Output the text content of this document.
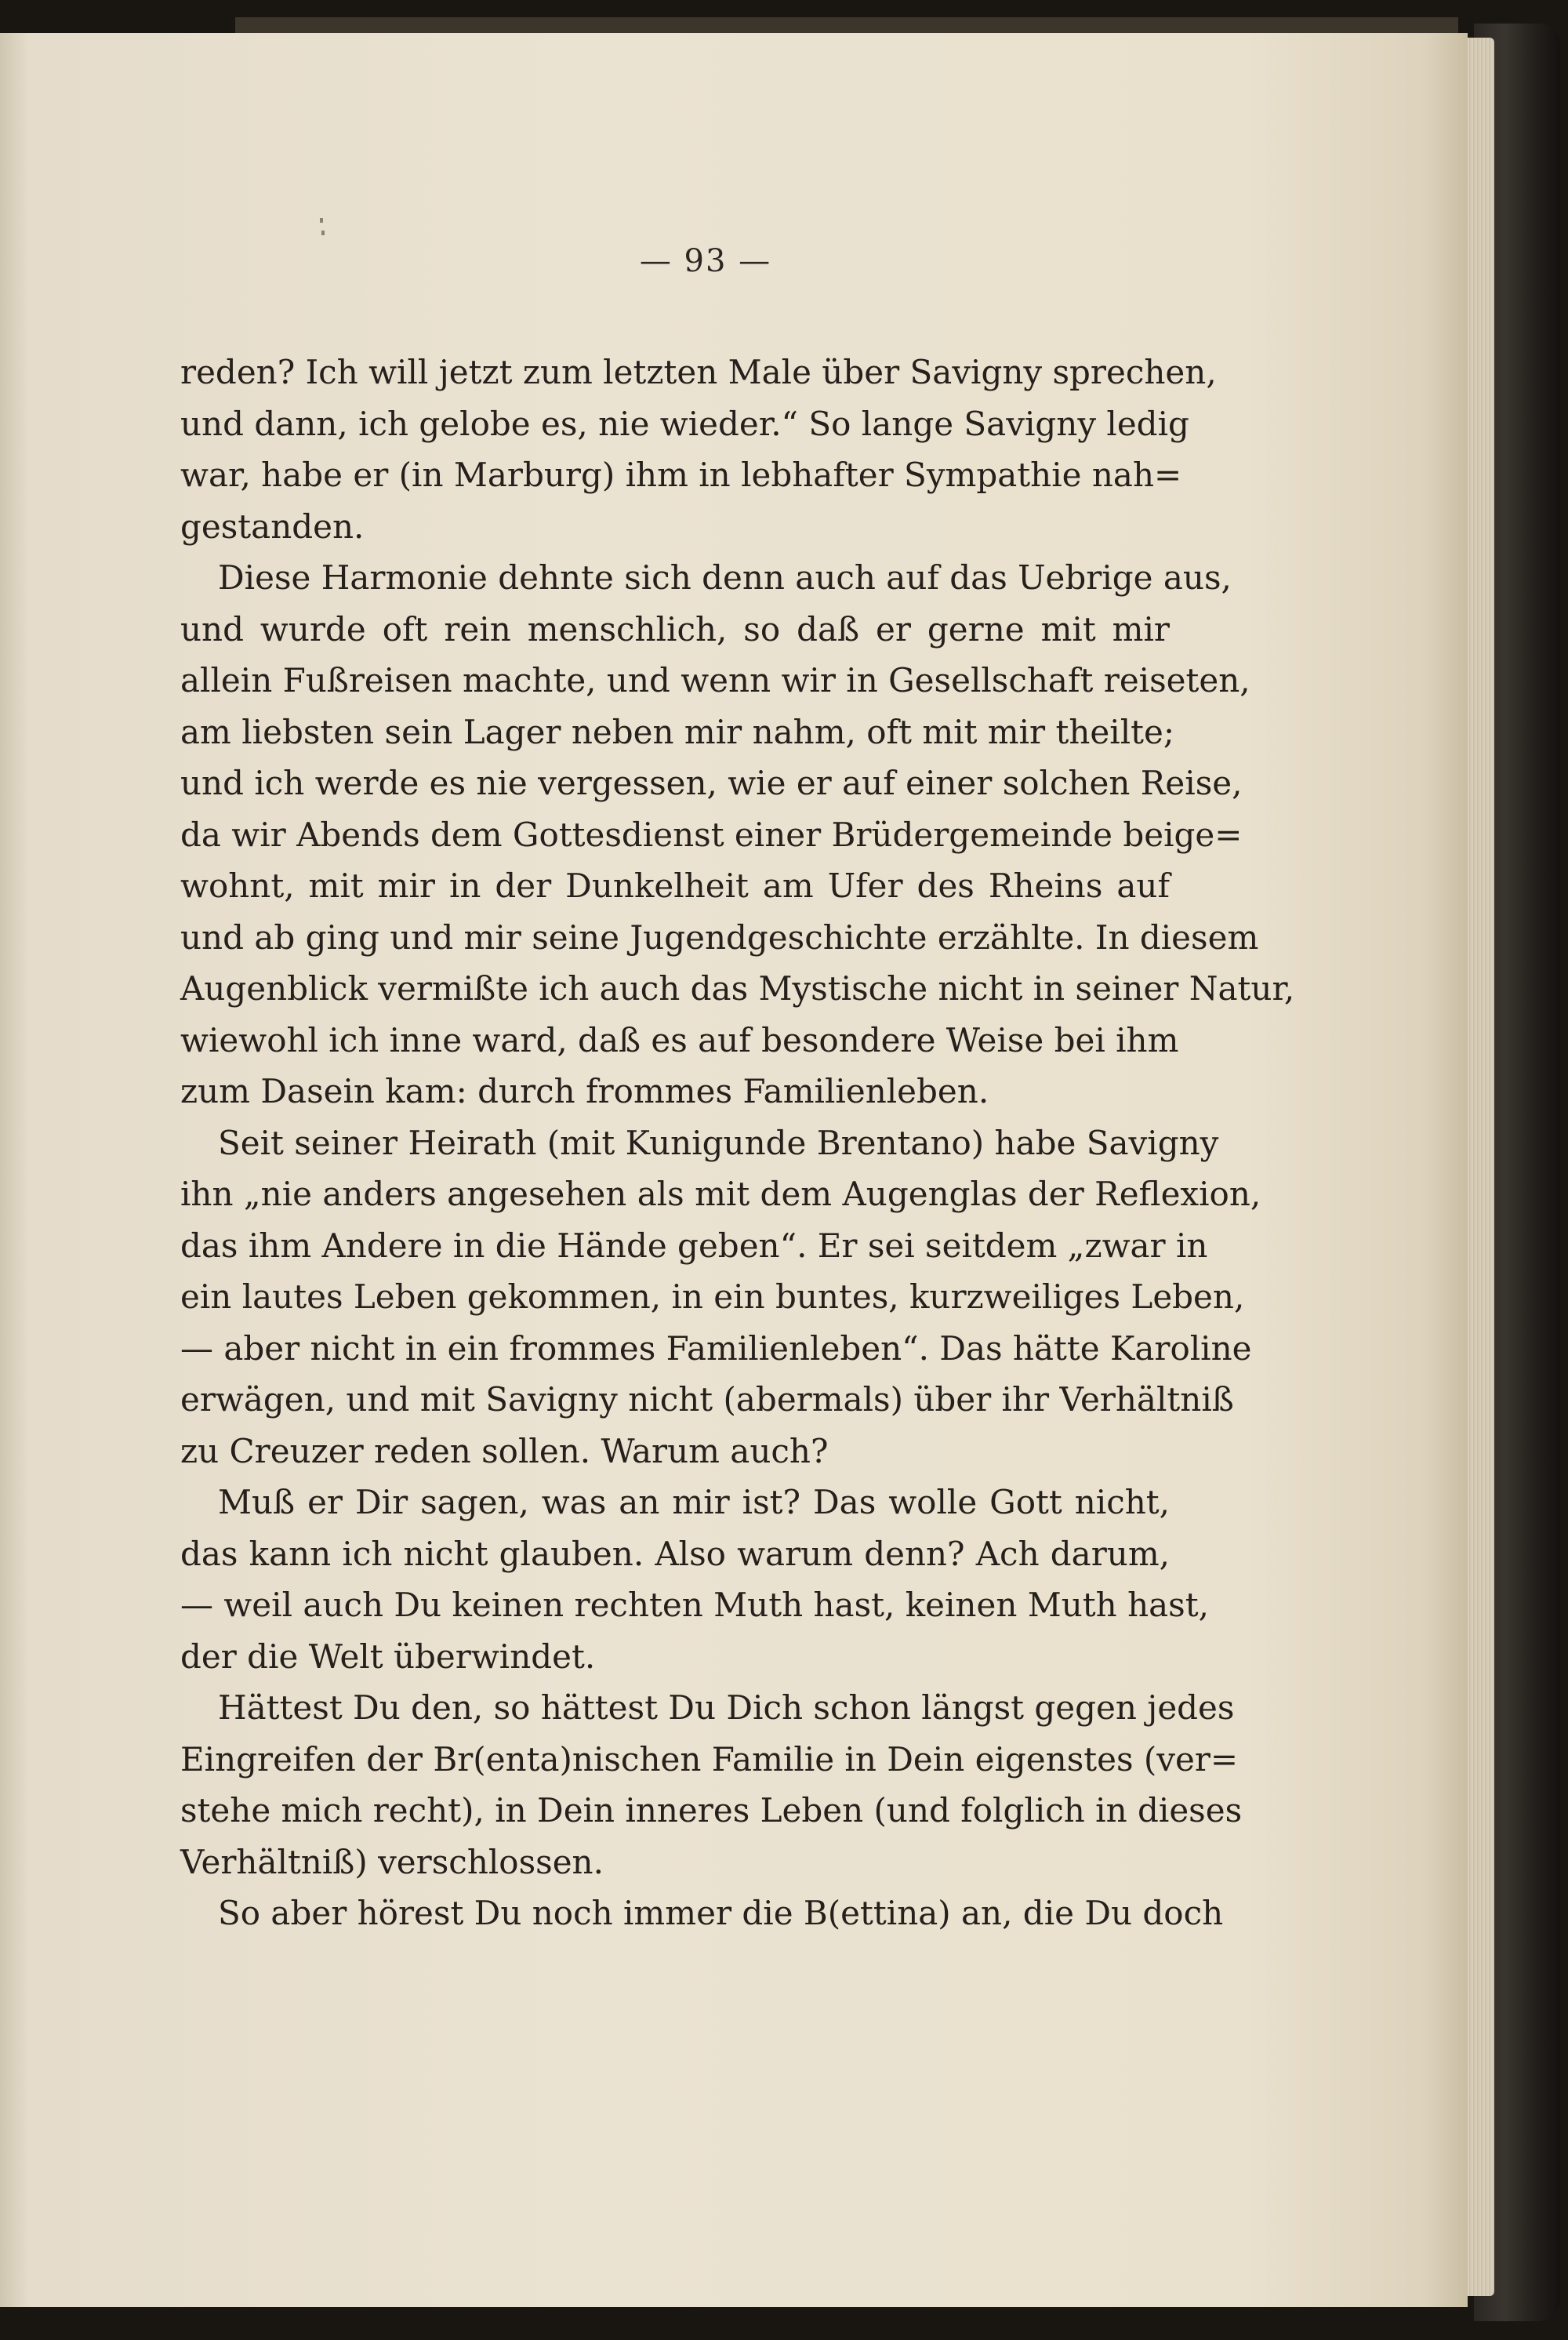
— 93 —
reden? Ich will jetzt zum letzten Male über Savigny sprechen,
und dann, ich gelobe es, nie wieder.“ So lange Savigny ledig
war, habe er (in Marburg) ihm in lebhafter Sympathie nah=
gestanden.
Diese Harmonie dehnte sich denn auch auf das Uebrige aus,
und wurde oft rein menschlich, so daß er gerne mit mir
allein Fußreisen machte, und wenn wir in Gesellschaft reiseten,
am liebsten sein Lager neben mir nahm, oft mit mir theilte;
und ich werde es nie vergessen, wie er auf einer solchen Reise,
da wir Abends dem Gottesdienst einer Brüdergemeinde beige=
wohnt, mit mir in der Dunkelheit am Ufer des Rheins auf
und ab ging und mir seine Jugendgeschichte erzählte. In diesem
Augenblick vermißte ich auch das Mystische nicht in seiner Natur,
wiewohl ich inne ward, daß es auf besondere Weise bei ihm
zum Dasein kam: durch frommes Familienleben.
Seit seiner Heirath (mit Kunigunde Brentano) habe Savigny
ihn „nie anders angesehen als mit dem Augenglas der Reflexion,
das ihm Andere in die Hände geben“. Er sei seitdem „zwar in
ein lautes Leben gekommen, in ein buntes, kurzweiliges Leben,
— aber nicht in ein frommes Familienleben“. Das hätte Karoline
erwägen, und mit Savigny nicht (abermals) über ihr Verhältniß
zu Creuzer reden sollen. Warum auch?
Muß er Dir sagen, was an mir ist? Das wolle Gott nicht,
das kann ich nicht glauben. Also warum denn? Ach darum,
— weil auch Du keinen rechten Muth hast, keinen Muth hast,
der die Welt überwindet.
Hättest Du den, so hättest Du Dich schon längst gegen jedes
Eingreifen der Br(enta)nischen Familie in Dein eigenstes (ver=
stehe mich recht), in Dein inneres Leben (und folglich in dieses
Verhältniß) verschlossen.
So aber hörest Du noch immer die B(ettina) an, die Du doch
